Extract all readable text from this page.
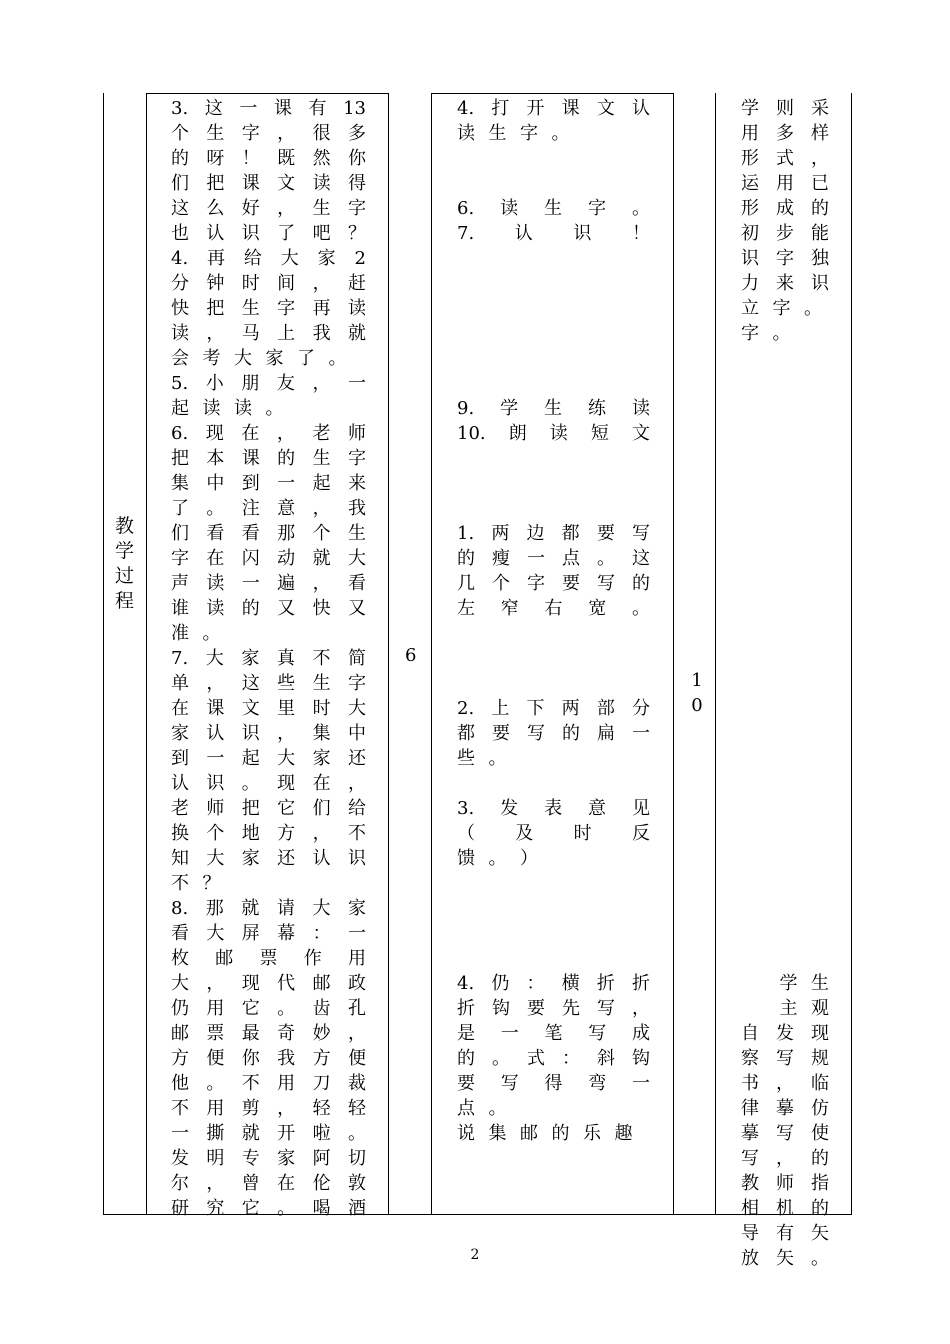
教
学
过
程
3. 这 一 课 有 13
个 生 字 ， 很 多
的 呀 ！ 既 然 你
们 把 课 文 读 得
这 么 好 ， 生 字
也 认 识 了 吧 ？
4. 再 给 大 家 2
分 钟 时 间 ， 赶
快 把 生 字 再 读
读 ， 马 上 我 就
会 考 大 家 了 。
5. 小 朋 友 ， 一
起 读 读 。
6. 现 在 ， 老 师
把 本 课 的 生 字
集 中 到 一 起 来
了 。 注 意 ， 我
们 看 看 那 个 生
字 在 闪 动 就 大
声 读 一 遍 ， 看
谁 读 的 又 快 又
准 。
7. 大 家 真 不 简
单 ， 这 些 生 字
在 课 文 里 时 大
家 认 识 ， 集 中
到 一 起 大 家 还
认 识 。 现 在 ，
老 师 把 它 们 给
换 个 地 方 ， 不
知 大 家 还 认 识
不 ？
8. 那 就 请 大 家
看 大 屏 幕 ： 一
枚 邮 票 作 用
大 ， 现 代 邮 政
仍 用 它 。 齿 孔
邮 票 最 奇 妙 ，
方 便 你 我 方 便
他 。 不 用 刀 裁
不 用 剪 ， 轻 轻
一 撕 就 开 啦 。
发 明 专 家 阿 切
尔 ， 曾 在 伦 敦
研 究 它 。 喝 酒
6
4. 打 开 课 文 认
读 生 字 。
6. 读 生 字 。
7. 认 识 ！
9. 学 生 练 读
10. 朗 读 短 文
1. 两 边 都 要 写
的 瘦 一 点 。 这
几 个 字 要 写 的
左 窄 右 宽 。
2. 上 下 两 部 分
都 要 写 的 扁 一
些 。
3. 发 表 意 见
（ 及 时 反
馈 。 ）
4. 仍 ： 横 折 折
折 钩 要 先 写 ，
是 一 笔 写 成
的 。 式 ： 斜 钩
要 写 得 弯 一
点 。
说 集 邮 的 乐 趣
1
0
学 则 采
用 多 样
形 式 ，
运 用 已
形 成 的
初 步 能
识 字 独
力 来 识
立 字 。
字 。
学 生
主 观
自 发 现
察 写 规
书 ， 临
律 摹 仿
摹 写 使
写 ， 的
教 师 指
相 机 的
导 有 矢
放 矢 。
2
